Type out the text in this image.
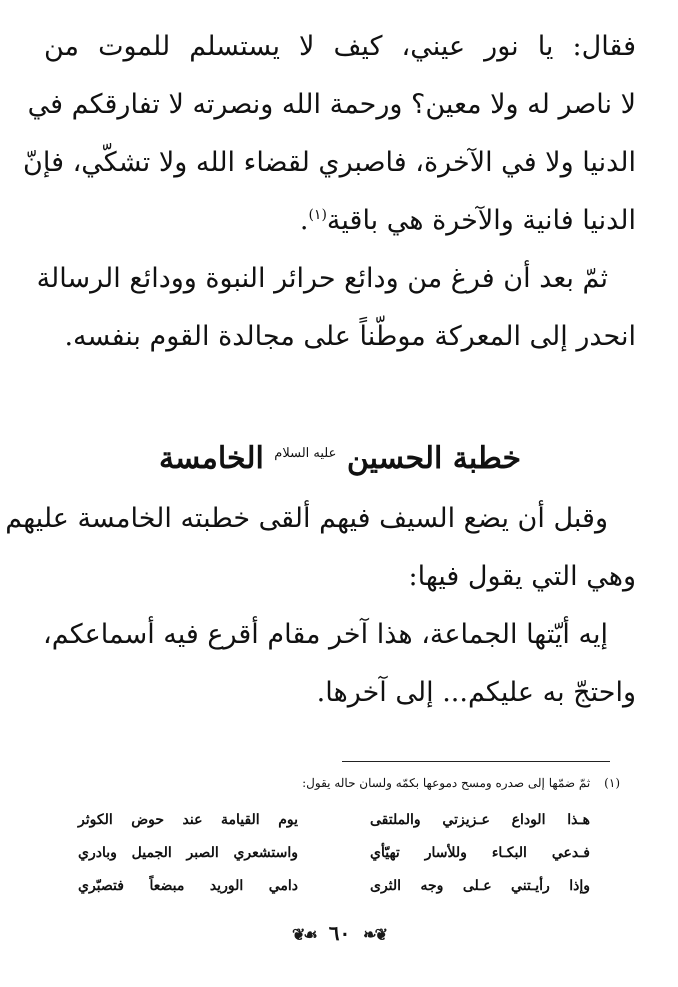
فقال: يا نور عيني، كيف لا يستسلم للموت من
لا ناصر له ولا معين؟ ورحمة الله ونصرته لا تفارقكم في
الدنيا ولا في الآخرة، فاصبري لقضاء الله ولا تشكّي، فإنّ
الدنيا فانية والآخرة هي باقية$^{(١)}$.
ثمّ بعد أن فرغ من ودائع حرائر النبوة وودائع الرسالة
انحدر إلى المعركة موطّناً على مجالدة القوم بنفسه.
خطبة الحسين $^{عليه السلام}$ الخامسة
وقبل أن يضع السيف فيهم ألقى خطبته الخامسة عليهم
وهي التي يقول فيها:
إيه أيّتها الجماعة، هذا آخر مقام أقرع فيه أسماعكم،
واحتجّ به عليكم... إلى آخرها.
(١)ثمّ ضمّها إلى صدره ومسح دموعها بكمّه ولسان حاله يقول:
هـذا الوداع عـزيزتي والملتقى
يوم القيامة عند حوض الكوثر
فـدعي البكـاء وللأسار تهيّأي
واستشعري الصبر الجميل وبادري
وإذا رأيـتني عـلى وجه الثرى
دامي الوريد مبضعاً فتصبّري
❦❧ ٦٠ ☙❦
